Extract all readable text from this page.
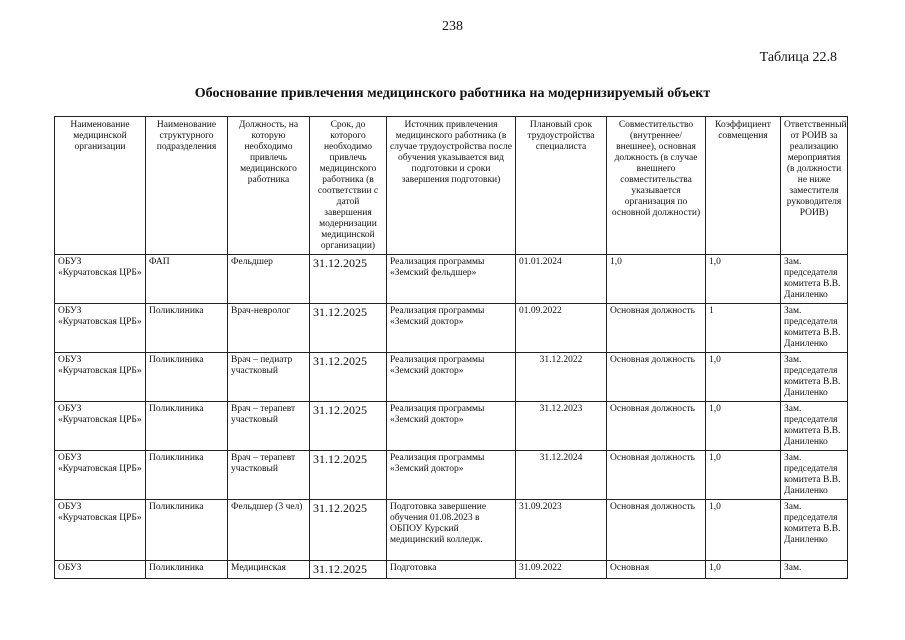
238
Таблица 22.8
Обоснование привлечения медицинского работника на модернизируемый объект
Наименование медицинской организации	Наименование структурного подразделения	Должность, на которую необходимо привлечь медицинского работника	Срок, до которого необходимо привлечь медицинского работника (в соответствии с датой завершения модернизации медицинской организации)	Источник привлечения медицинского работника (в случае трудоустройства после обучения указывается вид подготовки и сроки завершения подготовки)	Плановый срок трудоустройства специалиста	Совместительство (внутреннее/внешнее), основная должность (в случае внешнего совместительства указывается организация по основной должности)	Коэффициент совмещения	Ответственный от РОИВ за реализацию мероприятия (в должности не ниже заместителя руководителя РОИВ)
ОБУЗ «Курчатовская ЦРБ»	ФАП	Фельдшер	31.12.2025	Реализация программы «Земский фельдшер»	01.01.2024	1,0	1,0	Зам. председателя комитета В.В. Даниленко
ОБУЗ «Курчатовская ЦРБ»	Поликлиника	Врач-невролог	31.12.2025	Реализация программы «Земский доктор»	01.09.2022	Основная должность	1	Зам. председателя комитета В.В. Даниленко
ОБУЗ «Курчатовская ЦРБ»	Поликлиника	Врач – педиатр участковый	31.12.2025	Реализация программы «Земский доктор»	31.12.2022	Основная должность	1,0	Зам. председателя комитета В.В. Даниленко
ОБУЗ «Курчатовская ЦРБ»	Поликлиника	Врач – терапевт участковый	31.12.2025	Реализация программы «Земский доктор»	31.12.2023	Основная должность	1,0	Зам. председателя комитета В.В. Даниленко
ОБУЗ «Курчатовская ЦРБ»	Поликлиника	Врач – терапевт участковый	31.12.2025	Реализация программы «Земский доктор»	31.12.2024	Основная должность	1,0	Зам. председателя комитета В.В. Даниленко
ОБУЗ «Курчатовская ЦРБ»	Поликлиника	Фельдшер (3 чел)	31.12.2025	Подготовка завершение обучения 01.08.2023 в ОБПОУ Курский медицинский колледж.	31.09.2023	Основная должность	1,0	Зам. председателя комитета В.В. Даниленко
ОБУЗ	Поликлиника	Медицинская	31.12.2025	Подготовка	31.09.2022	Основная	1,0	Зам.
